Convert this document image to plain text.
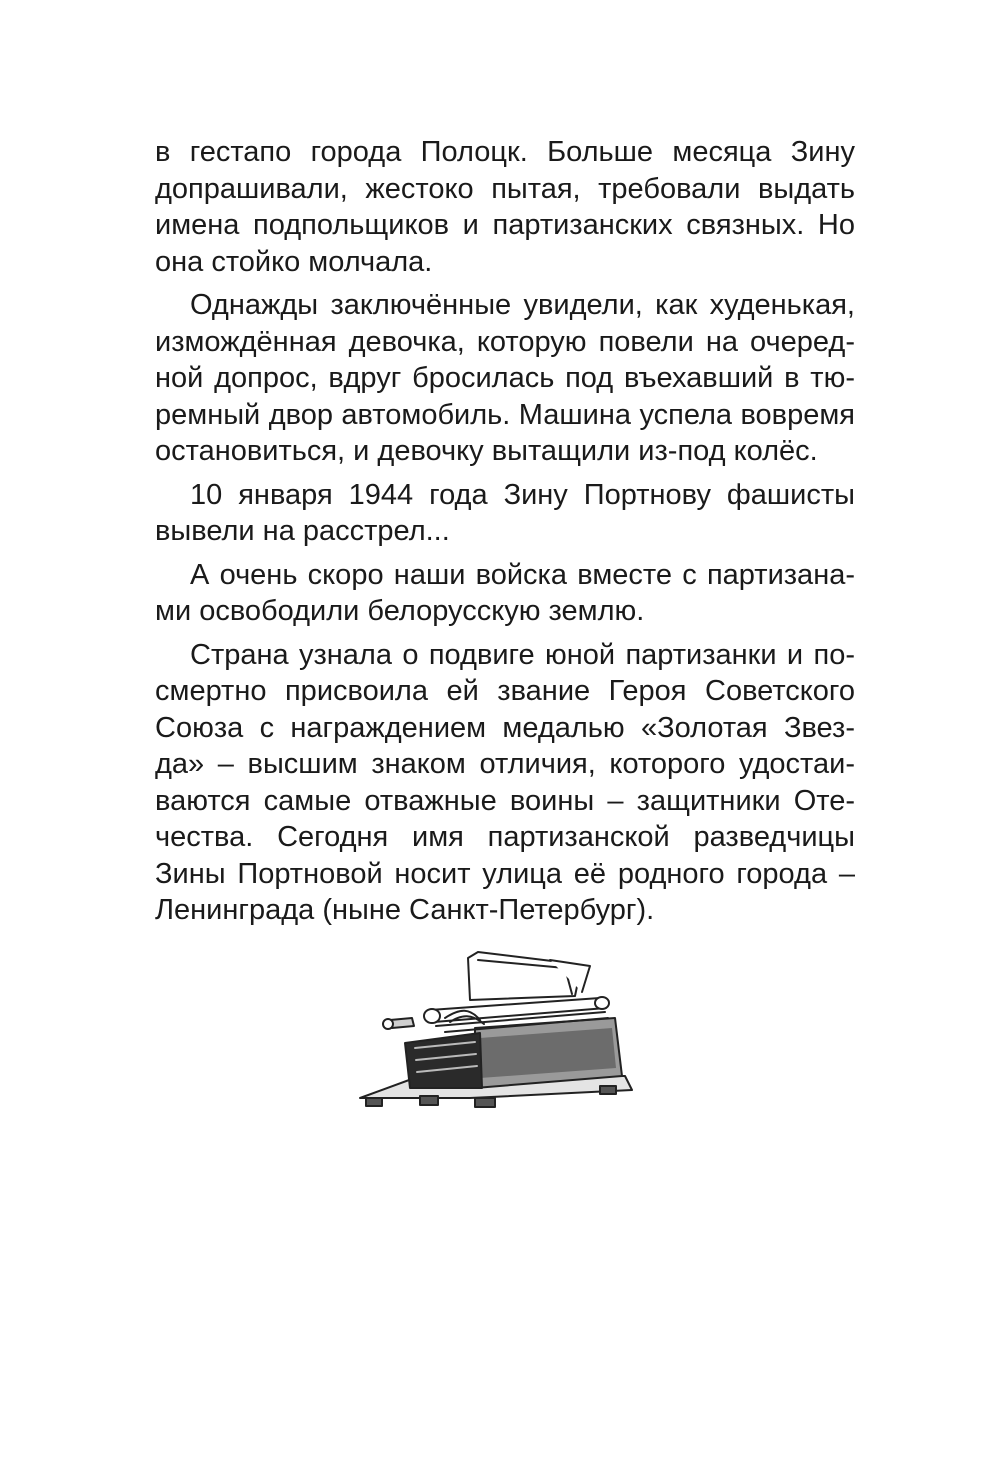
в гестапо города Полоцк. Больше месяца Зину
допрашивали, жестоко пытая, требовали выдать
имена подпольщиков и партизанских связных. Но
она стойко молчала.
Однажды заключённые увидели, как худенькая,
измождённая девочка, которую повели на очеред-
ной допрос, вдруг бросилась под въехавший в тю-
ремный двор автомобиль. Машина успела вовремя
остановиться, и девочку вытащили из-под колёс.
10 января 1944 года Зину Портнову фашисты
вывели на расстрел...
А очень скоро наши войска вместе с партизана-
ми освободили белорусскую землю.
Страна узнала о подвиге юной партизанки и по-
смертно присвоила ей звание Героя Советского
Союза с награждением медалью «Золотая Звез-
да» – высшим знаком отличия, которого удостаи-
ваются самые отважные воины – защитники Оте-
чества. Сегодня имя партизанской разведчицы
Зины Портновой носит улица её родного города –
Ленинграда (ныне Санкт-Петербург).
